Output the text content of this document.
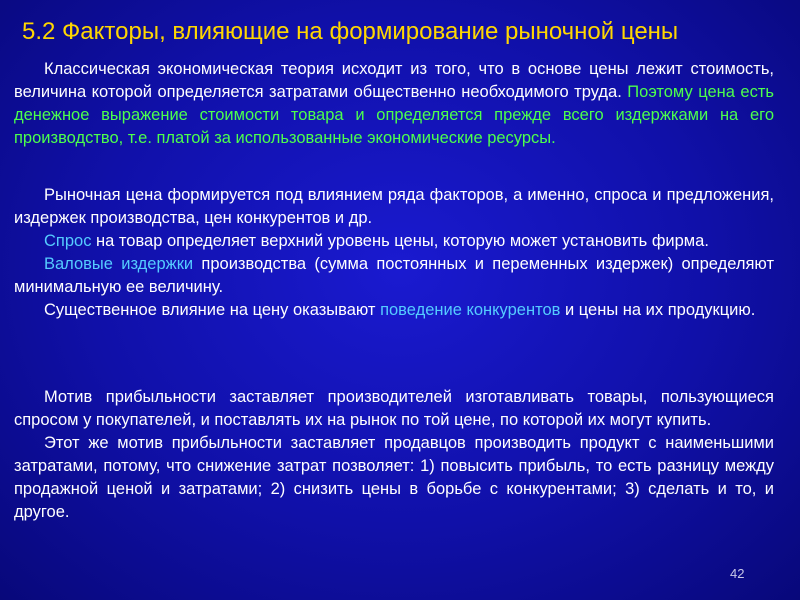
5.2 Факторы, влияющие на формирование рыночной цены
Классическая экономическая теория исходит из того, что в основе цены лежит стоимость, величина которой определяется затратами общественно необходимого труда. Поэтому цена есть денежное выражение стоимости товара и определяется прежде всего издержками на его производство, т.е. платой за использованные экономические ресурсы.
Рыночная цена формируется под влиянием ряда факторов, а именно, спроса и предложения, издержек производства, цен конкурентов и др.
Спрос на товар определяет верхний уровень цены, которую может установить фирма.
Валовые издержки производства (сумма постоянных и переменных издержек) определяют минимальную ее величину.
Существенное влияние на цену оказывают поведение конкурентов и цены на их продукцию.
Мотив прибыльности заставляет производителей изготавливать товары, пользующиеся спросом у покупателей, и поставлять их на рынок по той цене, по которой их могут купить.
Этот же мотив прибыльности заставляет продавцов производить продукт с наименьшими затратами, потому, что снижение затрат позволяет: 1) повысить прибыль, то есть разницу между продажной ценой и затратами; 2) снизить цены в борьбе с конкурентами; 3) сделать и то, и другое.
42
